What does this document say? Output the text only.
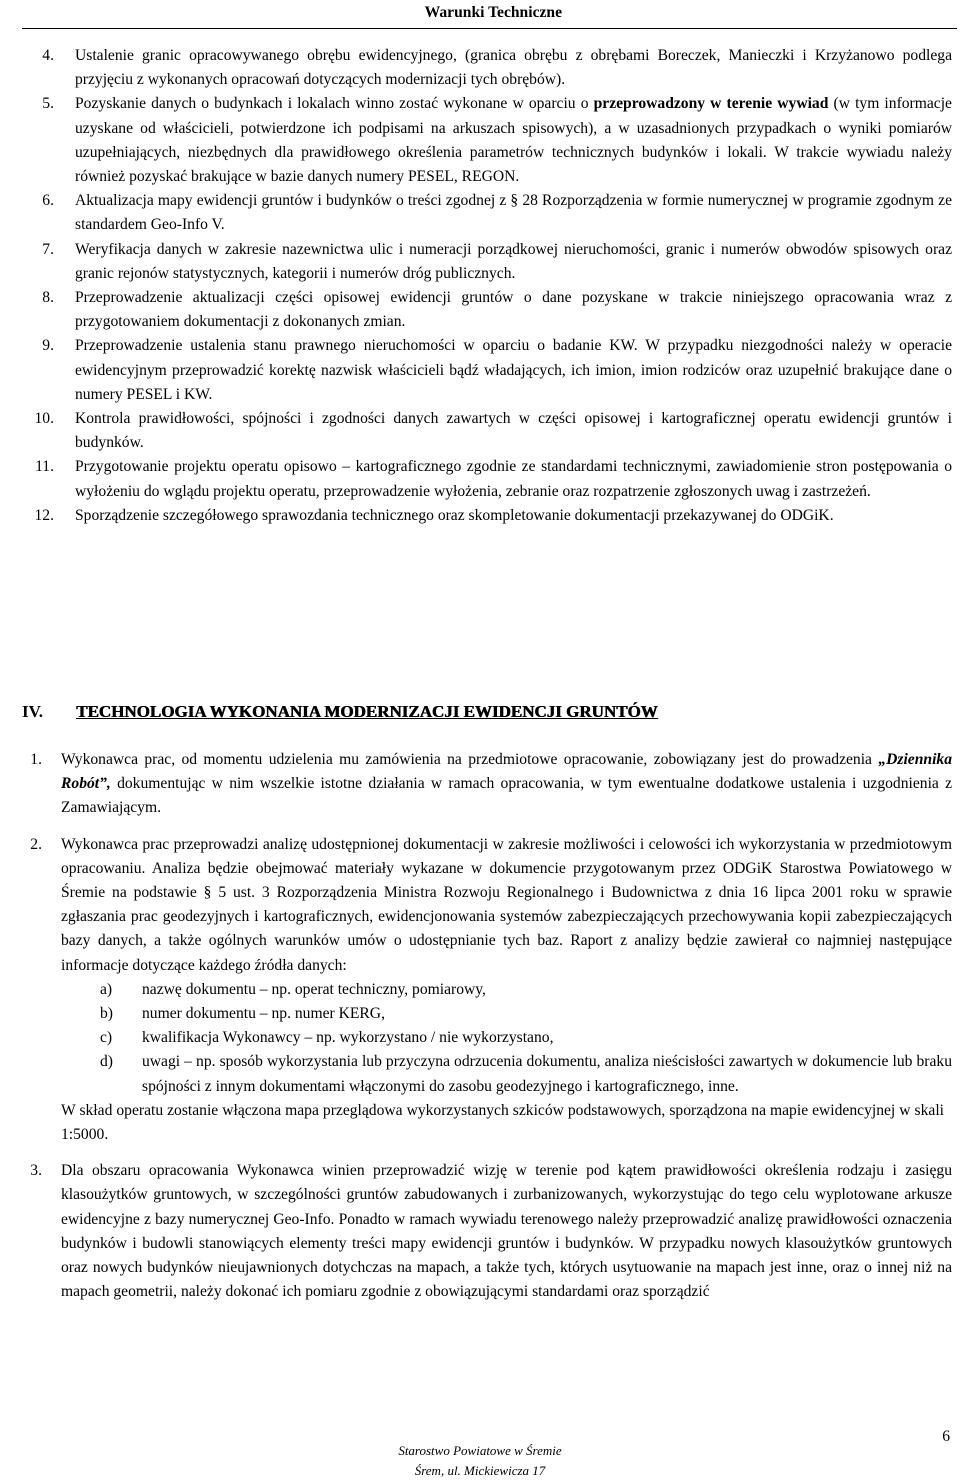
Warunki Techniczne

4. Ustalenie granic opracowywanego obrębu ewidencyjnego, (granica obrębu z obrębami Boreczek, Manieczki i Krzyżanowo podlega przyjęciu z wykonanych opracowań dotyczących modernizacji tych obrębów).

5. Pozyskanie danych o budynkach i lokalach winno zostać wykonane w oparciu o przeprowadzony w terenie wywiad (w tym informacje uzyskane od właścicieli, potwierdzone ich podpisami na arkuszach spisowych), a w uzasadnionych przypadkach o wyniki pomiarów uzupełniających, niezbędnych dla prawidłowego określenia parametrów technicznych budynków i lokali. W trakcie wywiadu należy również pozyskać brakujące w bazie danych numery PESEL, REGON.

6. Aktualizacja mapy ewidencji gruntów i budynków o treści zgodnej z § 28 Rozporządzenia w formie numerycznej w programie zgodnym ze standardem Geo-Info V.

7. Weryfikacja danych w zakresie nazewnictwa ulic i numeracji porządkowej nieruchomości, granic i numerów obwodów spisowych oraz granic rejonów statystycznych, kategorii i numerów dróg publicznych.

8. Przeprowadzenie aktualizacji części opisowej ewidencji gruntów o dane pozyskane w trakcie niniejszego opracowania wraz z przygotowaniem dokumentacji z dokonanych zmian.

9. Przeprowadzenie ustalenia stanu prawnego nieruchomości w oparciu o badanie KW. W przypadku niezgodności należy w operacie ewidencyjnym przeprowadzić korektę nazwisk właścicieli bądź władających, ich imion, imion rodziców oraz uzupełnić brakujące dane o numery PESEL i KW.

10. Kontrola prawidłowości, spójności i zgodności danych zawartych w części opisowej i kartograficznej operatu ewidencji gruntów i budynków.

11. Przygotowanie projektu operatu opisowo – kartograficznego zgodnie ze standardami technicznymi, zawiadomienie stron postępowania o wyłożeniu do wglądu projektu operatu, przeprowadzenie wyłożenia, zebranie oraz rozpatrzenie zgłoszonych uwag i zastrzeżeń.

12. Sporządzenie szczegółowego sprawozdania technicznego oraz skompletowanie dokumentacji przekazywanej do ODGiK.

IV. TECHNOLOGIA WYKONANIA MODERNIZACJI EWIDENCJI GRUNTÓW
1. Wykonawca prac, od momentu udzielenia mu zamówienia na przedmiotowe opracowanie, zobowiązany jest do prowadzenia „Dziennika Robót”, dokumentując w nim wszelkie istotne działania w ramach opracowania, w tym ewentualne dodatkowe ustalenia i uzgodnienia z Zamawiającym.
2. Wykonawca prac przeprowadzi analizę udostępnionej dokumentacji w zakresie możliwości i celowości ich wykorzystania w przedmiotowym opracowaniu. Analiza będzie obejmować materiały wykazane w dokumencie przygotowanym przez ODGiK Starostwa Powiatowego w Śremie na podstawie § 5 ust. 3 Rozporządzenia Ministra Rozwoju Regionalnego i Budownictwa z dnia 16 lipca 2001 roku w sprawie zgłaszania prac geodezyjnych i kartograficznych, ewidencjonowania systemów zabezpieczających przechowywania kopii zabezpieczających bazy danych, a także ogólnych warunków umów o udostępnianie tych baz. Raport z analizy będzie zawierał co najmniej następujące informacje dotyczące każdego źródła danych:
a) nazwę dokumentu – np. operat techniczny, pomiarowy,
b) numer dokumentu – np. numer KERG,
c) kwalifikacja Wykonawcy – np. wykorzystano / nie wykorzystano,
d) uwagi – np. sposób wykorzystania lub przyczyna odrzucenia dokumentu, analiza nieścisłości zawartych w dokumencie lub braku spójności z innym dokumentami włączonymi do zasobu geodezyjnego i kartograficznego, inne.
W skład operatu zostanie włączona mapa przeglądowa wykorzystanych szkiców podstawowych, sporządzona na mapie ewidencyjnej w skali 1:5000.
3. Dla obszaru opracowania Wykonawca winien przeprowadzić wizję w terenie pod kątem prawidłowości określenia rodzaju i zasięgu klasoużytków gruntowych, w szczególności gruntów zabudowanych i zurbanizowanych, wykorzystując do tego celu wyplotowane arkusze ewidencyjne z bazy numerycznej Geo-Info. Ponadto w ramach wywiadu terenowego należy przeprowadzić analizę prawidłowości oznaczenia budynków i budowli stanowiących elementy treści mapy ewidencji gruntów i budynków. W przypadku nowych klasoużytków gruntowych oraz nowych budynków nieujawnionych dotychczas na mapach, a także tych, których usytuowanie na mapach jest inne, oraz o innej niż na mapach geometrii, należy dokonać ich pomiaru zgodnie z obowiązującymi standardami oraz sporządzić
6
Starostwo Powiatowe w Śremie
Śrem, ul. Mickiewicza 17
